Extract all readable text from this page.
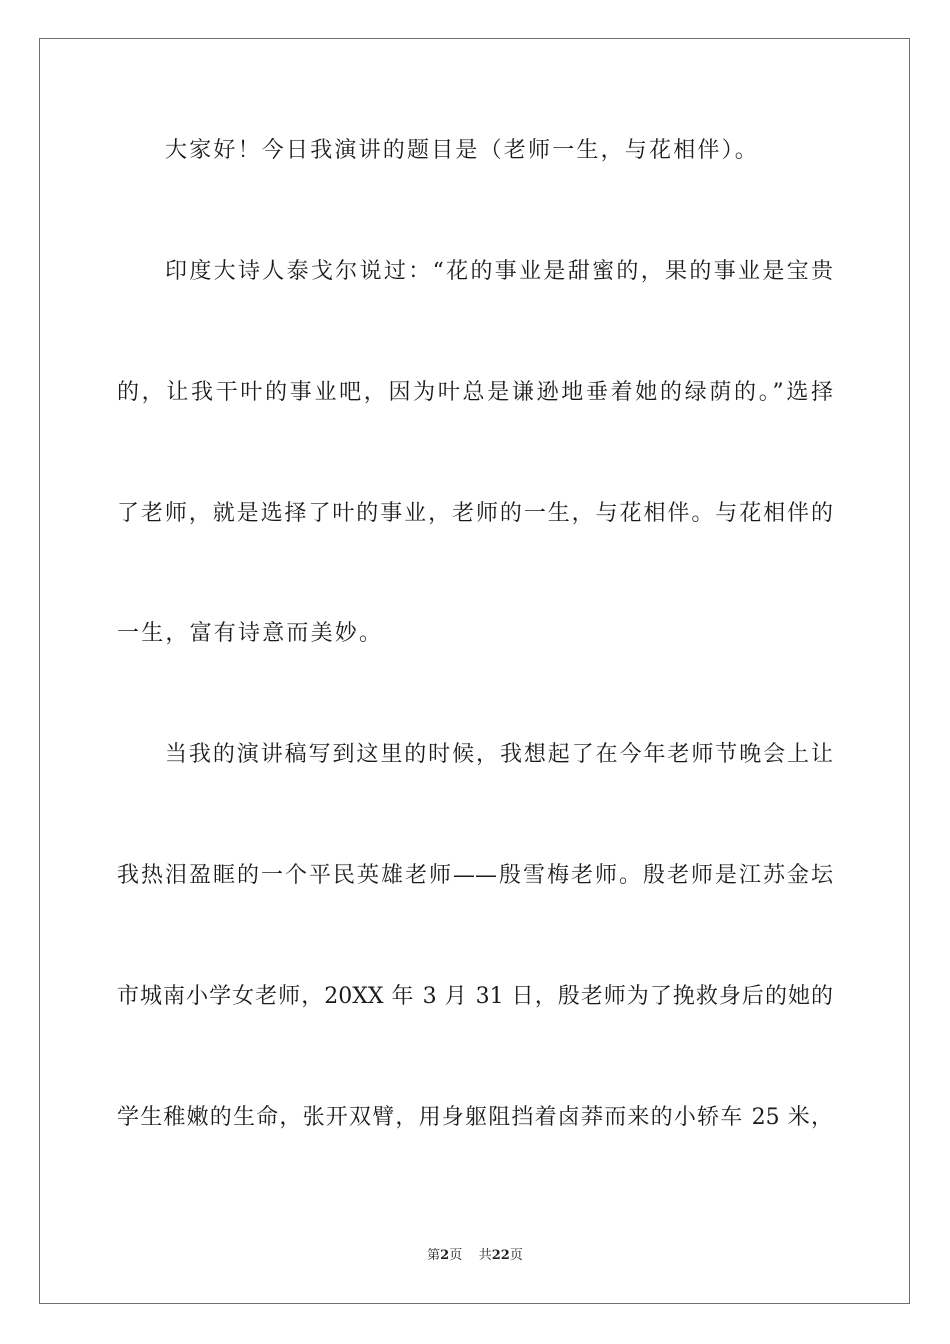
大家好！今日我演讲的题目是（老师一生，与花相伴）。
印度大诗人泰戈尔说过：“花的事业是甜蜜的，果的事业是宝贵
的，让我干叶的事业吧，因为叶总是谦逊地垂着她的绿荫的。”选择
了老师，就是选择了叶的事业，老师的一生，与花相伴。与花相伴的
一生，富有诗意而美妙。
当我的演讲稿写到这里的时候，我想起了在今年老师节晚会上让
我热泪盈眶的一个平民英雄老师——殷雪梅老师。殷老师是江苏金坛
市城南小学女老师，20XX 年 3 月 31 日，殷老师为了挽救身后的她的
学生稚嫩的生命，张开双臂，用身躯阻挡着卤莽而来的小轿车 25 米，
第2页 共22页
